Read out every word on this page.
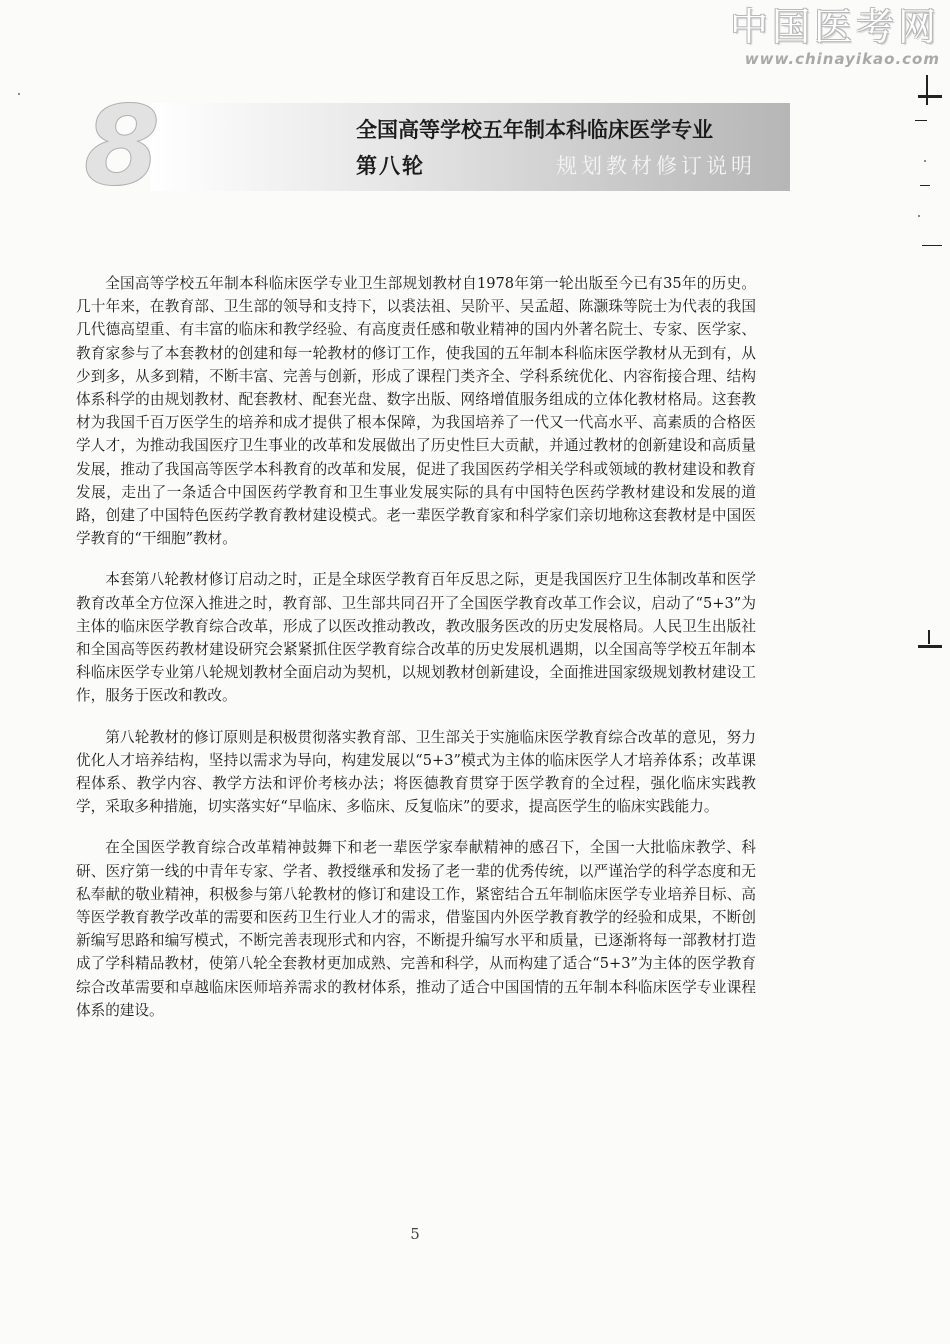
中国医考网
www.chinayikao.com
8	全国高等学校五年制本科临床医学专业
第八轮	规划教材修订说明

全国高等学校五年制本科临床医学专业卫生部规划教材自1978年第一轮出版至今已有35年的历史。几十年来，在教育部、卫生部的领导和支持下，以裘法祖、吴阶平、吴孟超、陈灏珠等院士为代表的我国几代德高望重、有丰富的临床和教学经验、有高度责任感和敬业精神的国内外著名院士、专家、医学家、教育家参与了本套教材的创建和每一轮教材的修订工作，使我国的五年制本科临床医学教材从无到有，从少到多，从多到精，不断丰富、完善与创新，形成了课程门类齐全、学科系统优化、内容衔接合理、结构体系科学的由规划教材、配套教材、配套光盘、数字出版、网络增值服务组成的立体化教材格局。这套教材为我国千百万医学生的培养和成才提供了根本保障，为我国培养了一代又一代高水平、高素质的合格医学人才，为推动我国医疗卫生事业的改革和发展做出了历史性巨大贡献，并通过教材的创新建设和高质量发展，推动了我国高等医学本科教育的改革和发展，促进了我国医药学相关学科或领域的教材建设和教育发展，走出了一条适合中国医药学教育和卫生事业发展实际的具有中国特色医药学教材建设和发展的道路，创建了中国特色医药学教育教材建设模式。老一辈医学教育家和科学家们亲切地称这套教材是中国医学教育的“干细胞”教材。

本套第八轮教材修订启动之时，正是全球医学教育百年反思之际，更是我国医疗卫生体制改革和医学教育改革全方位深入推进之时，教育部、卫生部共同召开了全国医学教育改革工作会议，启动了“5+3”为主体的临床医学教育综合改革，形成了以医改推动教改，教改服务医改的历史发展格局。人民卫生出版社和全国高等医药教材建设研究会紧紧抓住医学教育综合改革的历史发展机遇期，以全国高等学校五年制本科临床医学专业第八轮规划教材全面启动为契机，以规划教材创新建设，全面推进国家级规划教材建设工作，服务于医改和教改。

第八轮教材的修订原则是积极贯彻落实教育部、卫生部关于实施临床医学教育综合改革的意见，努力优化人才培养结构，坚持以需求为导向，构建发展以“5+3”模式为主体的临床医学人才培养体系；改革课程体系、教学内容、教学方法和评价考核办法；将医德教育贯穿于医学教育的全过程，强化临床实践教学，采取多种措施，切实落实好“早临床、多临床、反复临床”的要求，提高医学生的临床实践能力。

在全国医学教育综合改革精神鼓舞下和老一辈医学家奉献精神的感召下，全国一大批临床教学、科研、医疗第一线的中青年专家、学者、教授继承和发扬了老一辈的优秀传统，以严谨治学的科学态度和无私奉献的敬业精神，积极参与第八轮教材的修订和建设工作，紧密结合五年制临床医学专业培养目标、高等医学教育教学改革的需要和医药卫生行业人才的需求，借鉴国内外医学教育教学的经验和成果，不断创新编写思路和编写模式，不断完善表现形式和内容，不断提升编写水平和质量，已逐渐将每一部教材打造成了学科精品教材，使第八轮全套教材更加成熟、完善和科学，从而构建了适合“5+3”为主体的医学教育综合改革需要和卓越临床医师培养需求的教材体系，推动了适合中国国情的五年制本科临床医学专业课程体系的建设。

5
